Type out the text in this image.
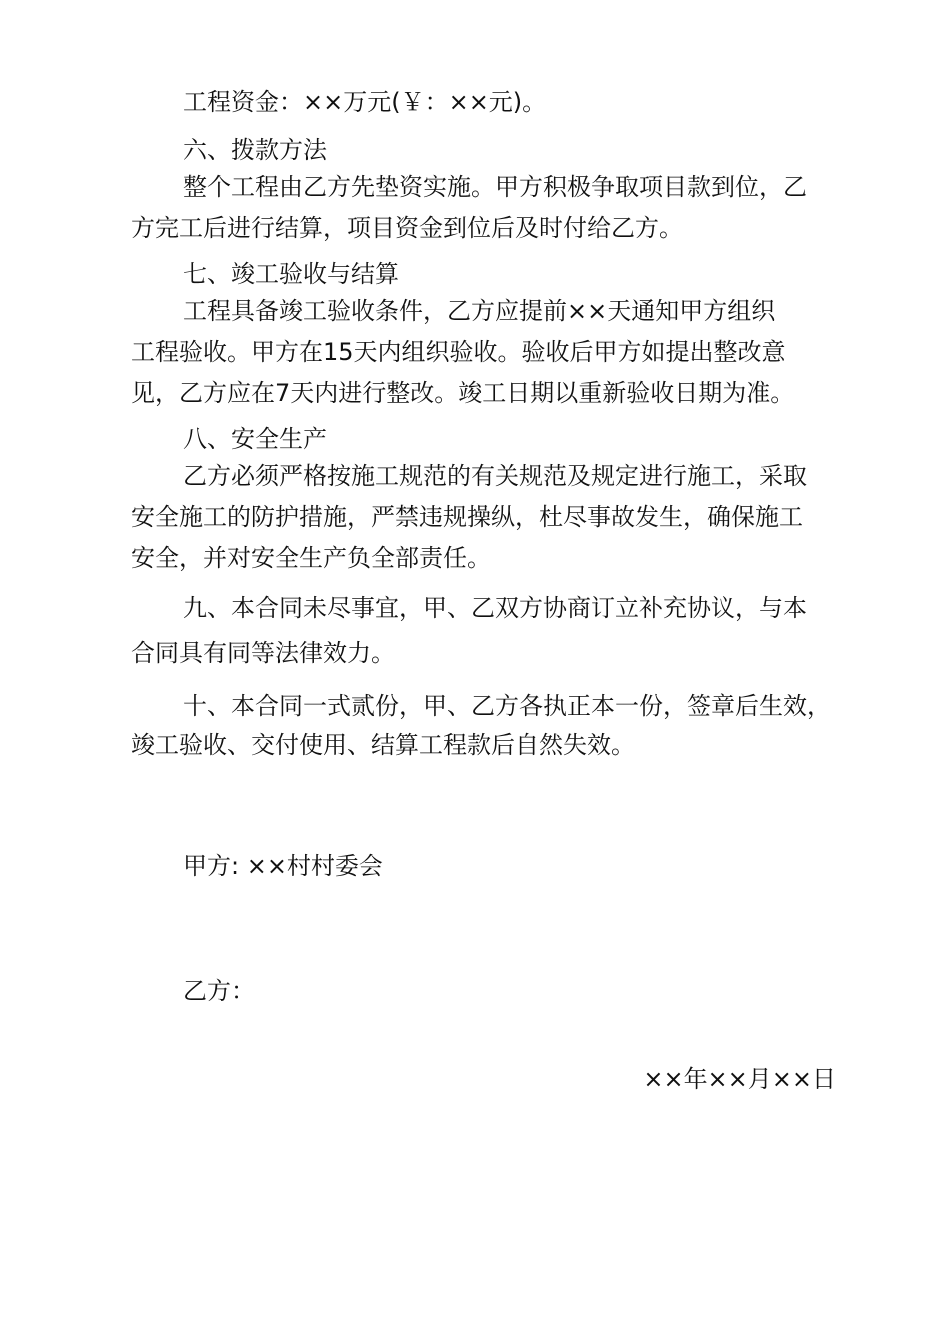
工程资金：××万元(￥：××元)。
六、拨款方法
整个工程由乙方先垫资实施。甲方积极争取项目款到位，乙
方完工后进行结算，项目资金到位后及时付给乙方。
七、竣工验收与结算
工程具备竣工验收条件，乙方应提前××天通知甲方组织
工程验收。甲方在15天内组织验收。验收后甲方如提出整改意
见，乙方应在7天内进行整改。竣工日期以重新验收日期为准。
八、安全生产
乙方必须严格按施工规范的有关规范及规定进行施工，采取
安全施工的防护措施，严禁违规操纵，杜尽事故发生，确保施工
安全，并对安全生产负全部责任。
九、本合同未尽事宜，甲、乙双方协商订立补充协议，与本
合同具有同等法律效力。
十、本合同一式贰份，甲、乙方各执正本一份，签章后生效，
竣工验收、交付使用、结算工程款后自然失效。
甲方: ××村村委会
乙方：
××年××月××日
